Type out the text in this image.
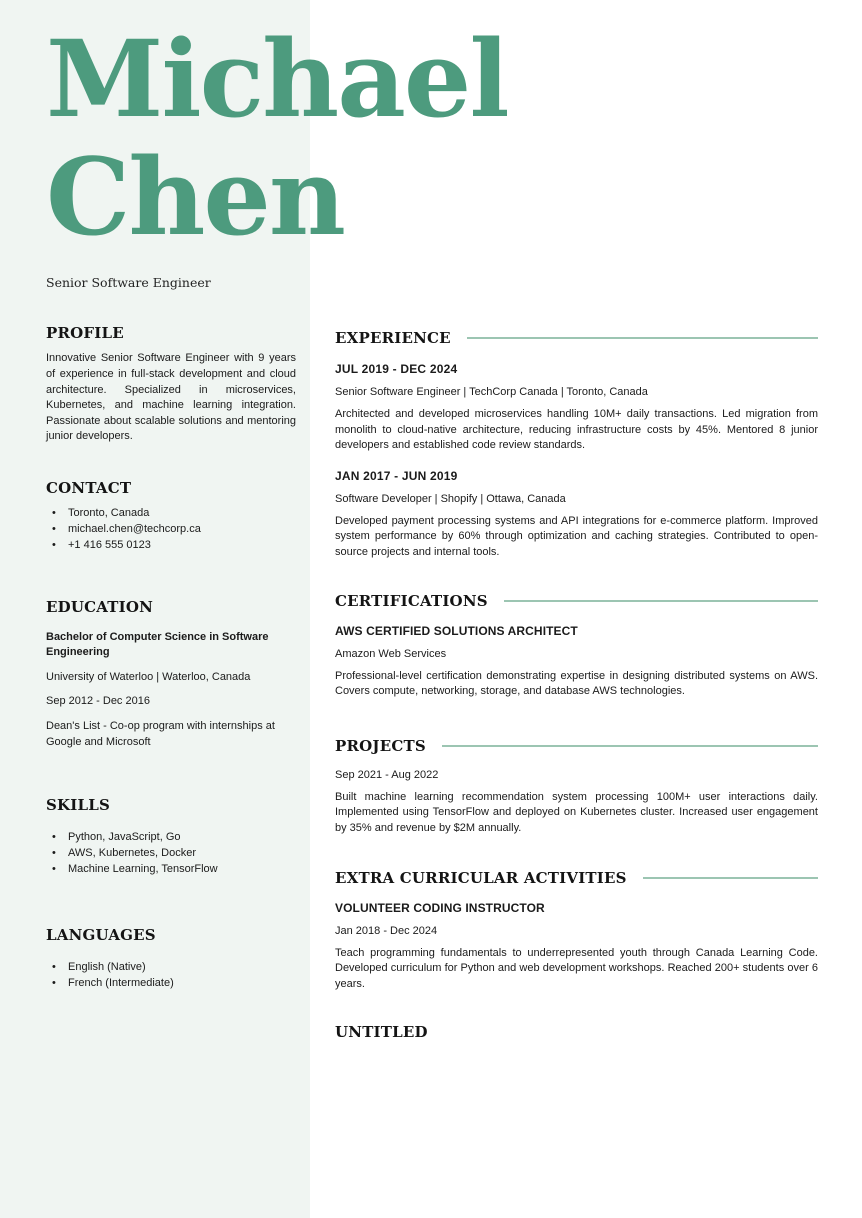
Michael Chen
Senior Software Engineer
PROFILE

Innovative Senior Software Engineer with 9 years of experience in full-stack development and cloud architecture. Specialized in microservices, Kubernetes, and machine learning integration. Passionate about scalable solutions and mentoring junior developers.

CONTACT
• Toronto, Canada
• michael.chen@techcorp.ca
• +1 416 555 0123
EDUCATION
Bachelor of Computer Science in Software Engineering

University of Waterloo | Waterloo, Canada

Sep 2012 - Dec 2016

Dean's List - Co-op program with internships at Google and Microsoft

SKILLS
• Python, JavaScript, Go
• AWS, Kubernetes, Docker
• Machine Learning, TensorFlow
LANGUAGES
• English (Native)
• French (Intermediate)
EXPERIENCE
JUL 2019 - DEC 2024
Senior Software Engineer | TechCorp Canada | Toronto, Canada

Architected and developed microservices handling 10M+ daily transactions. Led migration from monolith to cloud-native architecture, reducing infrastructure costs by 45%. Mentored 8 junior developers and established code review standards.

JAN 2017 - JUN 2019
Software Developer | Shopify | Ottawa, Canada

Developed payment processing systems and API integrations for e-commerce platform. Improved system performance by 60% through optimization and caching strategies. Contributed to open-source projects and internal tools.

CERTIFICATIONS
AWS CERTIFIED SOLUTIONS ARCHITECT
Amazon Web Services

Professional-level certification demonstrating expertise in designing distributed systems on AWS. Covers compute, networking, storage, and database AWS technologies.

PROJECTS
Sep 2021 - Aug 2022

Built machine learning recommendation system processing 100M+ user interactions daily. Implemented using TensorFlow and deployed on Kubernetes cluster. Increased user engagement by 35% and revenue by $2M annually.

EXTRA CURRICULAR ACTIVITIES
VOLUNTEER CODING INSTRUCTOR
Jan 2018 - Dec 2024

Teach programming fundamentals to underrepresented youth through Canada Learning Code. Developed curriculum for Python and web development workshops. Reached 200+ students over 6 years.

UNTITLED
